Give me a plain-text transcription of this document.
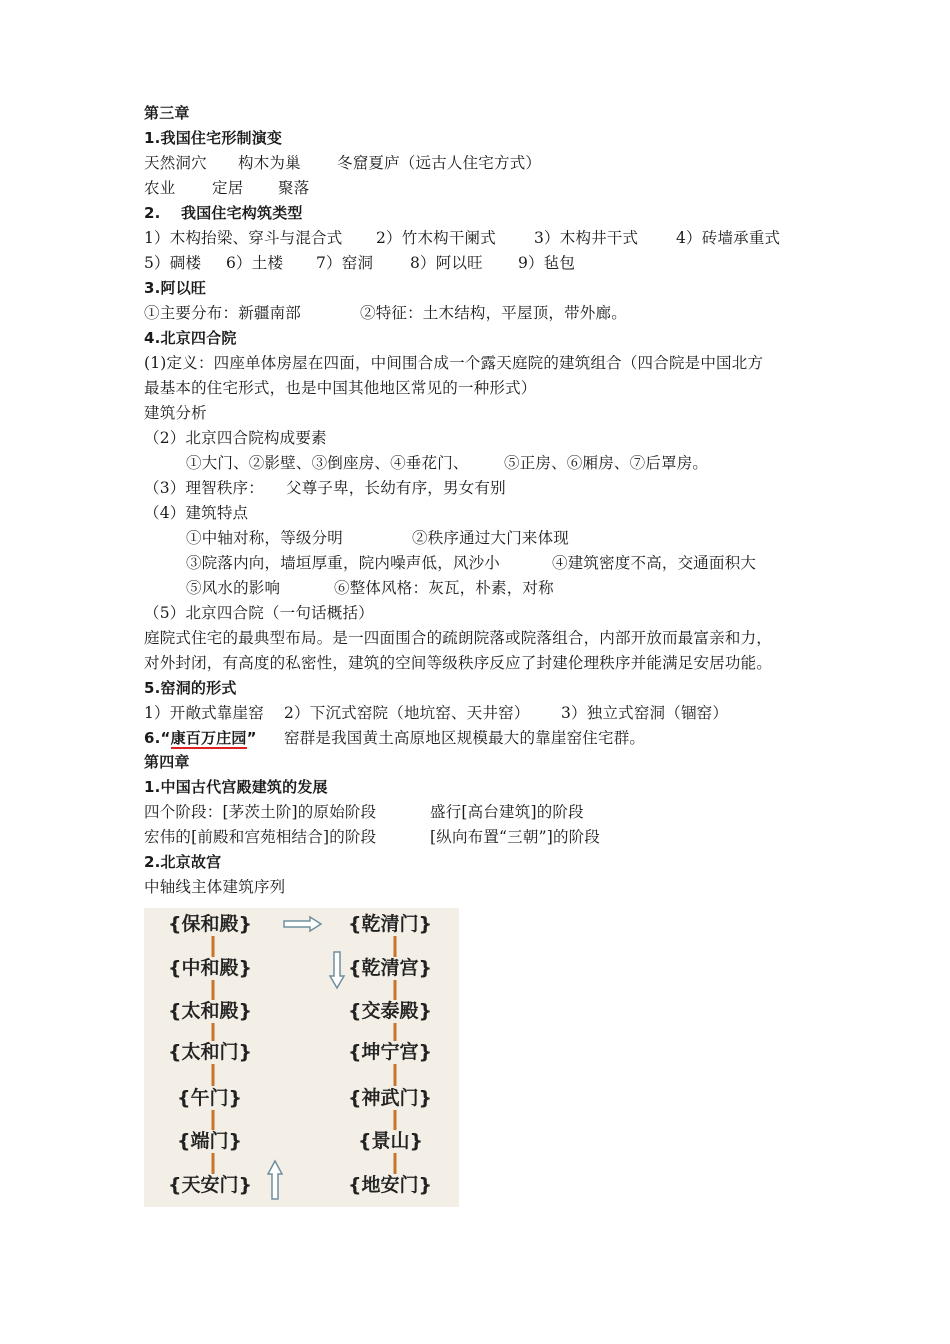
第三章
1.我国住宅形制演变
天然洞穴 构木为巢 冬窟夏庐（远古人住宅方式）
农业 定居 聚落
2. 我国住宅构筑类型
1）木构抬梁、穿斗与混合式 2）竹木构干阑式 3）木构井干式 4）砖墙承重式
5）碉楼 6）土楼 7）窑洞 8）阿以旺 9）毡包
3.阿以旺
①主要分布：新疆南部	②特征：土木结构，平屋顶，带外廊。
4.北京四合院
(1)定义：四座单体房屋在四面，中间围合成一个露天庭院的建筑组合（四合院是中国北方
最基本的住宅形式，也是中国其他地区常见的一种形式）
建筑分析
（2）北京四合院构成要素
①大门、②影壁、③倒座房、④垂花门、 ⑤正房、⑥厢房、⑦后罩房。
（3）理智秩序： 父尊子卑，长幼有序，男女有别
（4）建筑特点
①中轴对称，等级分明	②秩序通过大门来体现
③院落内向，墙垣厚重，院内噪声低，风沙小	④建筑密度不高，交通面积大
⑤风水的影响	⑥整体风格：灰瓦，朴素，对称
（5）北京四合院（一句话概括）
庭院式住宅的最典型布局。是一四面围合的疏朗院落或院落组合，内部开放而最富亲和力，
对外封闭，有高度的私密性，建筑的空间等级秩序反应了封建伦理秩序并能满足安居功能。
5.窑洞的形式
1）开敞式靠崖窑 2）下沉式窑院（地坑窑、天井窑） 3）独立式窑洞（锢窑）
6.“康百万庄园” 窑群是我国黄土高原地区规模最大的靠崖窑住宅群。
第四章
1.中国古代宫殿建筑的发展
四个阶段：[茅茨土阶]的原始阶段	盛行[高台建筑]的阶段
宏伟的[前殿和宫苑相结合]的阶段	[纵向布置“三朝”]的阶段
2.北京故宫
中轴线主体建筑序列
{保和殿}
{中和殿}
{太和殿}
{太和门}
{午门}
{端门}
{天安门}
{乾清门}
{乾清宫}
{交泰殿}
{坤宁宫}
{神武门}
{景山}
{地安门}
